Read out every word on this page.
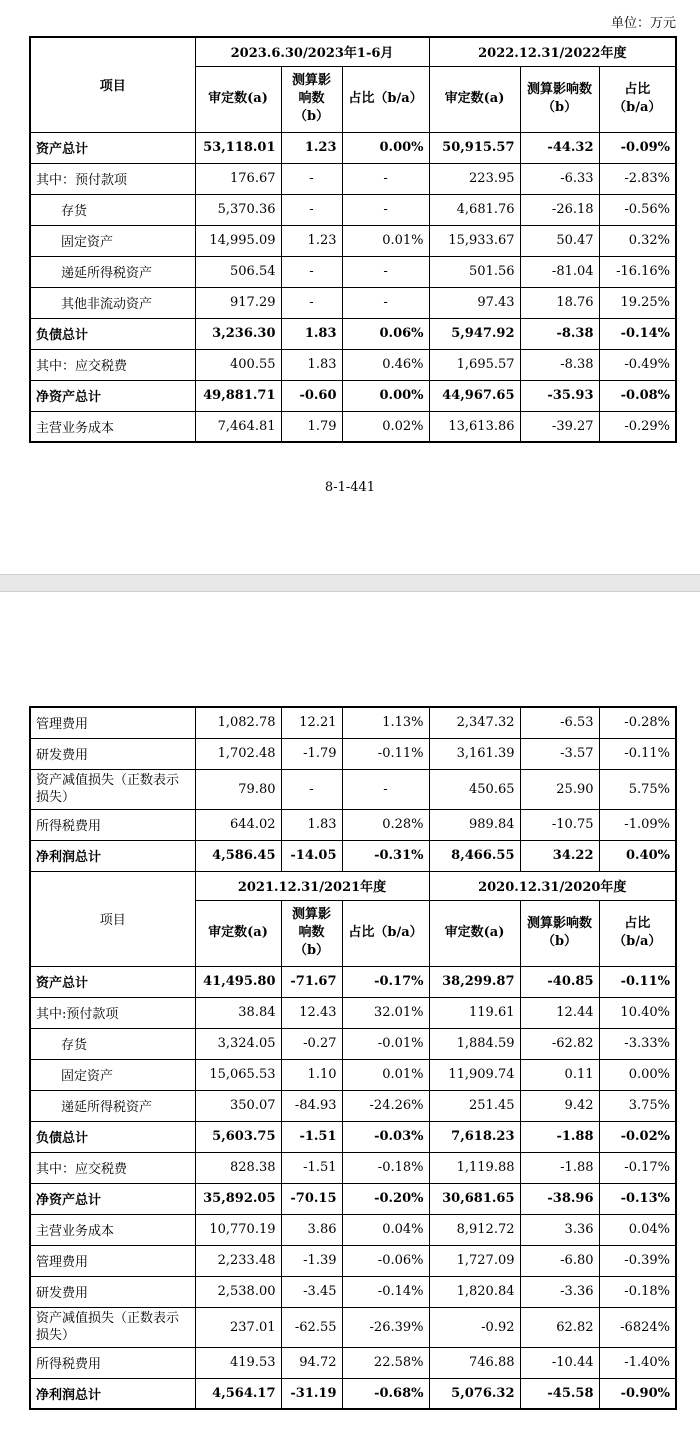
单位：万元
项目	2023.6.30/2023年1-6月			2022.12.31/2022年度		
	审定数(a)	测算影响数（b）	占比（b/a）	审定数(a)	测算影响数（b）	占比（b/a）
资产总计	53,118.01	1.23	0.00%	50,915.57	-44.32	-0.09%
其中：预付款项	176.67	-	-	223.95	-6.33	-2.83%
存货	5,370.36	-	-	4,681.76	-26.18	-0.56%
固定资产	14,995.09	1.23	0.01%	15,933.67	50.47	0.32%
递延所得税资产	506.54	-	-	501.56	-81.04	-16.16%
其他非流动资产	917.29	-	-	97.43	18.76	19.25%
负债总计	3,236.30	1.83	0.06%	5,947.92	-8.38	-0.14%
其中：应交税费	400.55	1.83	0.46%	1,695.57	-8.38	-0.49%
净资产总计	49,881.71	-0.60	0.00%	44,967.65	-35.93	-0.08%
主营业务成本	7,464.81	1.79	0.02%	13,613.86	-39.27	-0.29%
8-1-441
管理费用	1,082.78	12.21	1.13%	2,347.32	-6.53	-0.28%
研发费用	1,702.48	-1.79	-0.11%	3,161.39	-3.57	-0.11%
资产减值损失（正数表示损失）	79.80	-	-	450.65	25.90	5.75%
所得税费用	644.02	1.83	0.28%	989.84	-10.75	-1.09%
净利润总计	4,586.45	-14.05	-0.31%	8,466.55	34.22	0.40%
项目	2021.12.31/2021年度			2020.12.31/2020年度		
	审定数(a)	测算影响数（b）	占比（b/a）	审定数(a)	测算影响数（b）	占比（b/a）
资产总计	41,495.80	-71.67	-0.17%	38,299.87	-40.85	-0.11%
其中:预付款项	38.84	12.43	32.01%	119.61	12.44	10.40%
存货	3,324.05	-0.27	-0.01%	1,884.59	-62.82	-3.33%
固定资产	15,065.53	1.10	0.01%	11,909.74	0.11	0.00%
递延所得税资产	350.07	-84.93	-24.26%	251.45	9.42	3.75%
负债总计	5,603.75	-1.51	-0.03%	7,618.23	-1.88	-0.02%
其中：应交税费	828.38	-1.51	-0.18%	1,119.88	-1.88	-0.17%
净资产总计	35,892.05	-70.15	-0.20%	30,681.65	-38.96	-0.13%
主营业务成本	10,770.19	3.86	0.04%	8,912.72	3.36	0.04%
管理费用	2,233.48	-1.39	-0.06%	1,727.09	-6.80	-0.39%
研发费用	2,538.00	-3.45	-0.14%	1,820.84	-3.36	-0.18%
资产减值损失（正数表示损失）	237.01	-62.55	-26.39%	-0.92	62.82	-6824%
所得税费用	419.53	94.72	22.58%	746.88	-10.44	-1.40%
净利润总计	4,564.17	-31.19	-0.68%	5,076.32	-45.58	-0.90%
